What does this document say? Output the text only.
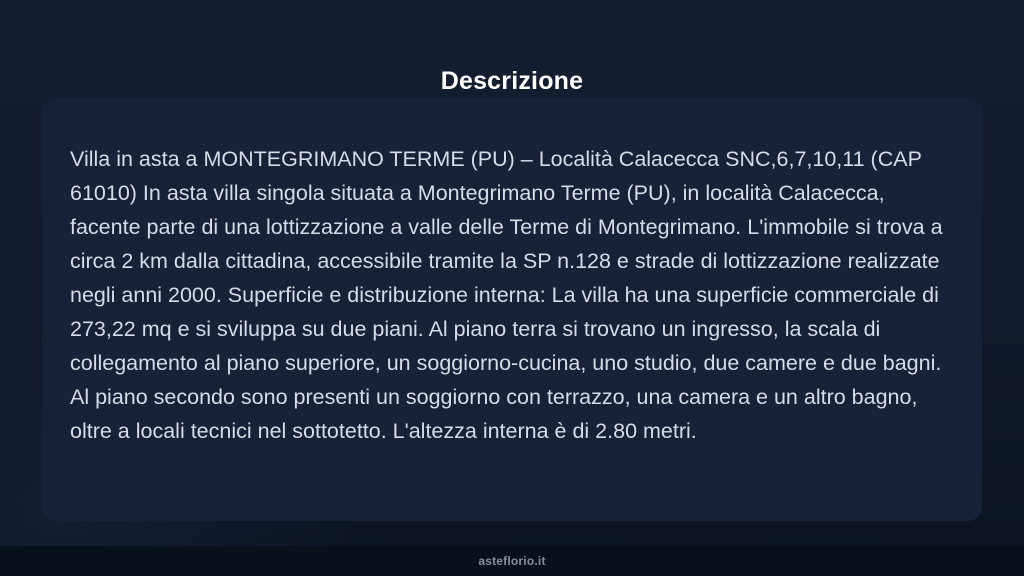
Descrizione

Villa in asta a MONTEGRIMANO TERME (PU) – Località Calacecca SNC,6,7,10,11 (CAP 61010) In asta villa singola situata a Montegrimano Terme (PU), in località Calacecca, facente parte di una lottizzazione a valle delle Terme di Montegrimano. L'immobile si trova a circa 2 km dalla cittadina, accessibile tramite la SP n.128 e strade di lottizzazione realizzate negli anni 2000. Superficie e distribuzione interna: La villa ha una superficie commerciale di 273,22 mq e si sviluppa su due piani. Al piano terra si trovano un ingresso, la scala di collegamento al piano superiore, un soggiorno-cucina, uno studio, due camere e due bagni. Al piano secondo sono presenti un soggiorno con terrazzo, una camera e un altro bagno, oltre a locali tecnici nel sottotetto. L'altezza interna è di 2.80 metri.

asteflorio.it
